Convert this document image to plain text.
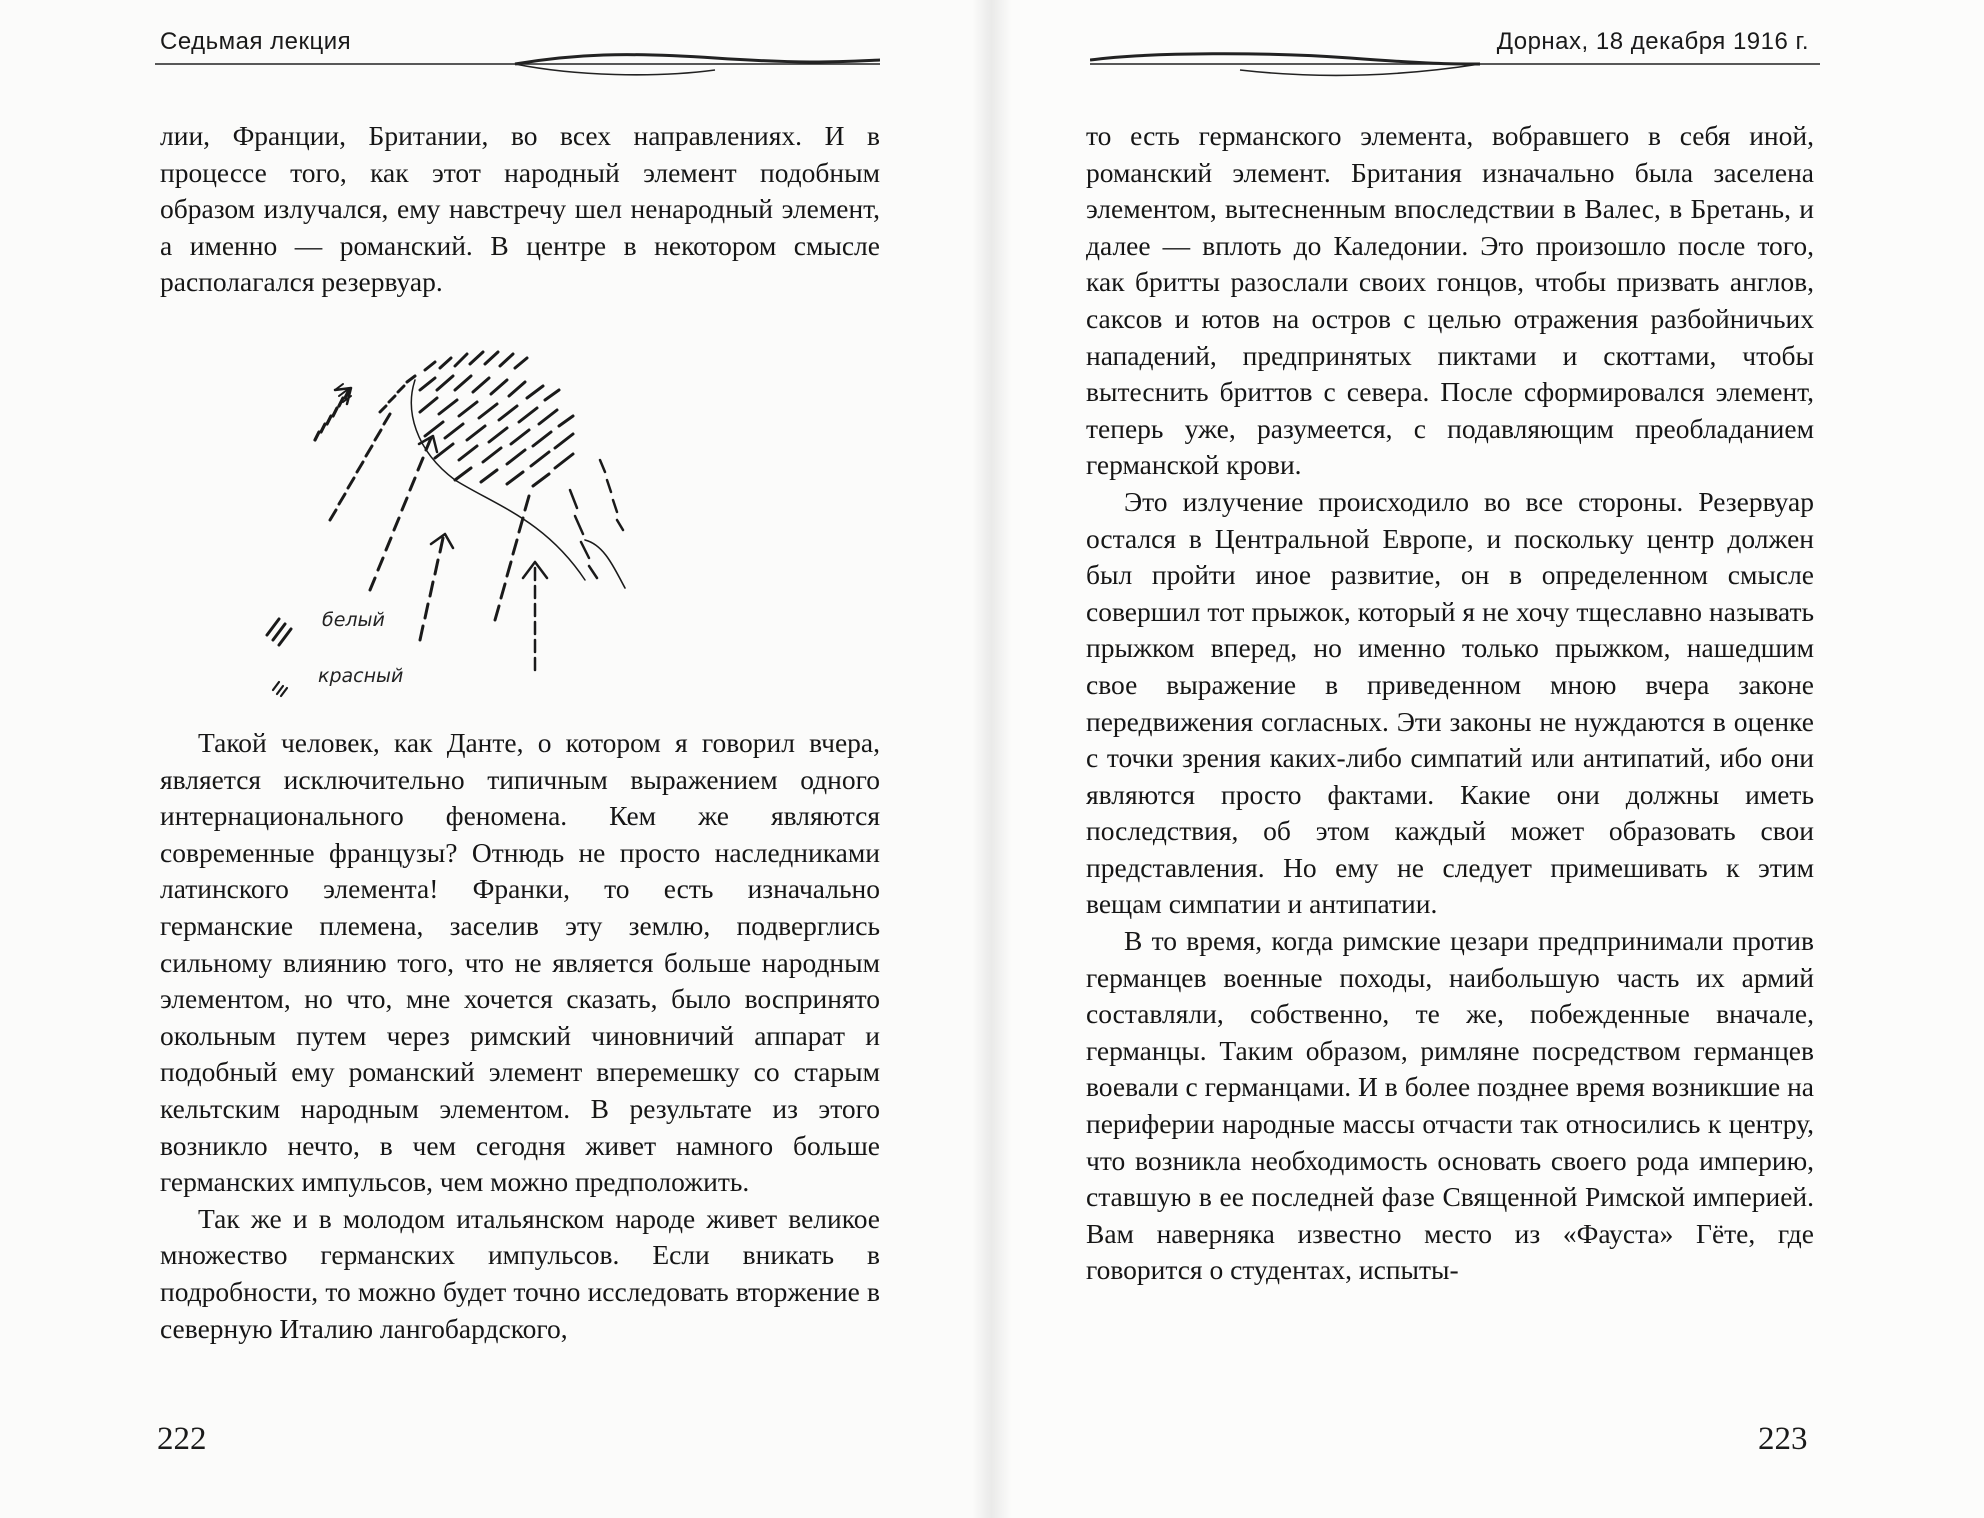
Седьмая лекция

лии, Франции, Британии, во всех направлениях. И в процессе того, как этот народный элемент подобным образом излучался, ему навстречу шел ненародный элемент, а именно — романский. В центре в некотором смысле располагался резервуар.

белый
красный

Такой человек, как Данте, о котором я говорил вчера, является исключительно типичным выражением одного интернационального феномена. Кем же являются современные французы? Отнюдь не просто наследниками латинского элемента! Франки, то есть изначально германские племена, заселив эту землю, подверглись сильному влиянию того, что не является больше народным элементом, но что, мне хочется сказать, было воспринято окольным путем через римский чиновничий аппарат и подобный ему романский элемент вперемешку со старым кельтским народным элементом. В результате из этого возникло нечто, в чем сегодня живет намного больше германских импульсов, чем можно предположить.

Так же и в молодом итальянском народе живет великое множество германских импульсов. Если вникать в подробности, то можно будет точно исследовать вторжение в северную Италию лангобардского,

222
Дорнах, 18 декабря 1916 г.

то есть германского элемента, вобравшего в себя иной, романский элемент. Британия изначально была заселена элементом, вытесненным впоследствии в Валес, в Бретань, и далее — вплоть до Каледонии. Это произошло после того, как бритты разослали своих гонцов, чтобы призвать англов, саксов и ютов на остров с целью отражения разбойничьих нападений, предпринятых пиктами и скоттами, чтобы вытеснить бриттов с севера. После сформировался элемент, теперь уже, разумеется, с подавляющим преобладанием германской крови.

Это излучение происходило во все стороны. Резервуар остался в Центральной Европе, и поскольку центр должен был пройти иное развитие, он в определенном смысле совершил тот прыжок, который я не хочу тщеславно называть прыжком вперед, но именно только прыжком, нашедшим свое выражение в приведенном мною вчера законе передвижения согласных. Эти законы не нуждаются в оценке с точки зрения каких-либо симпатий или антипатий, ибо они являются просто фактами. Какие они должны иметь последствия, об этом каждый может образовать свои представления. Но ему не следует примешивать к этим вещам симпатии и антипатии.

В то время, когда римские цезари предпринимали против германцев военные походы, наибольшую часть их армий составляли, собственно, те же, побежденные вначале, германцы. Таким образом, римляне посредством германцев воевали с германцами. И в более позднее время возникшие на периферии народные массы отчасти так относились к центру, что возникла необходимость основать своего рода империю, ставшую в ее последней фазе Священной Римской империей. Вам наверняка известно место из «Фауста» Гёте, где говорится о студентах, испыты-

223
